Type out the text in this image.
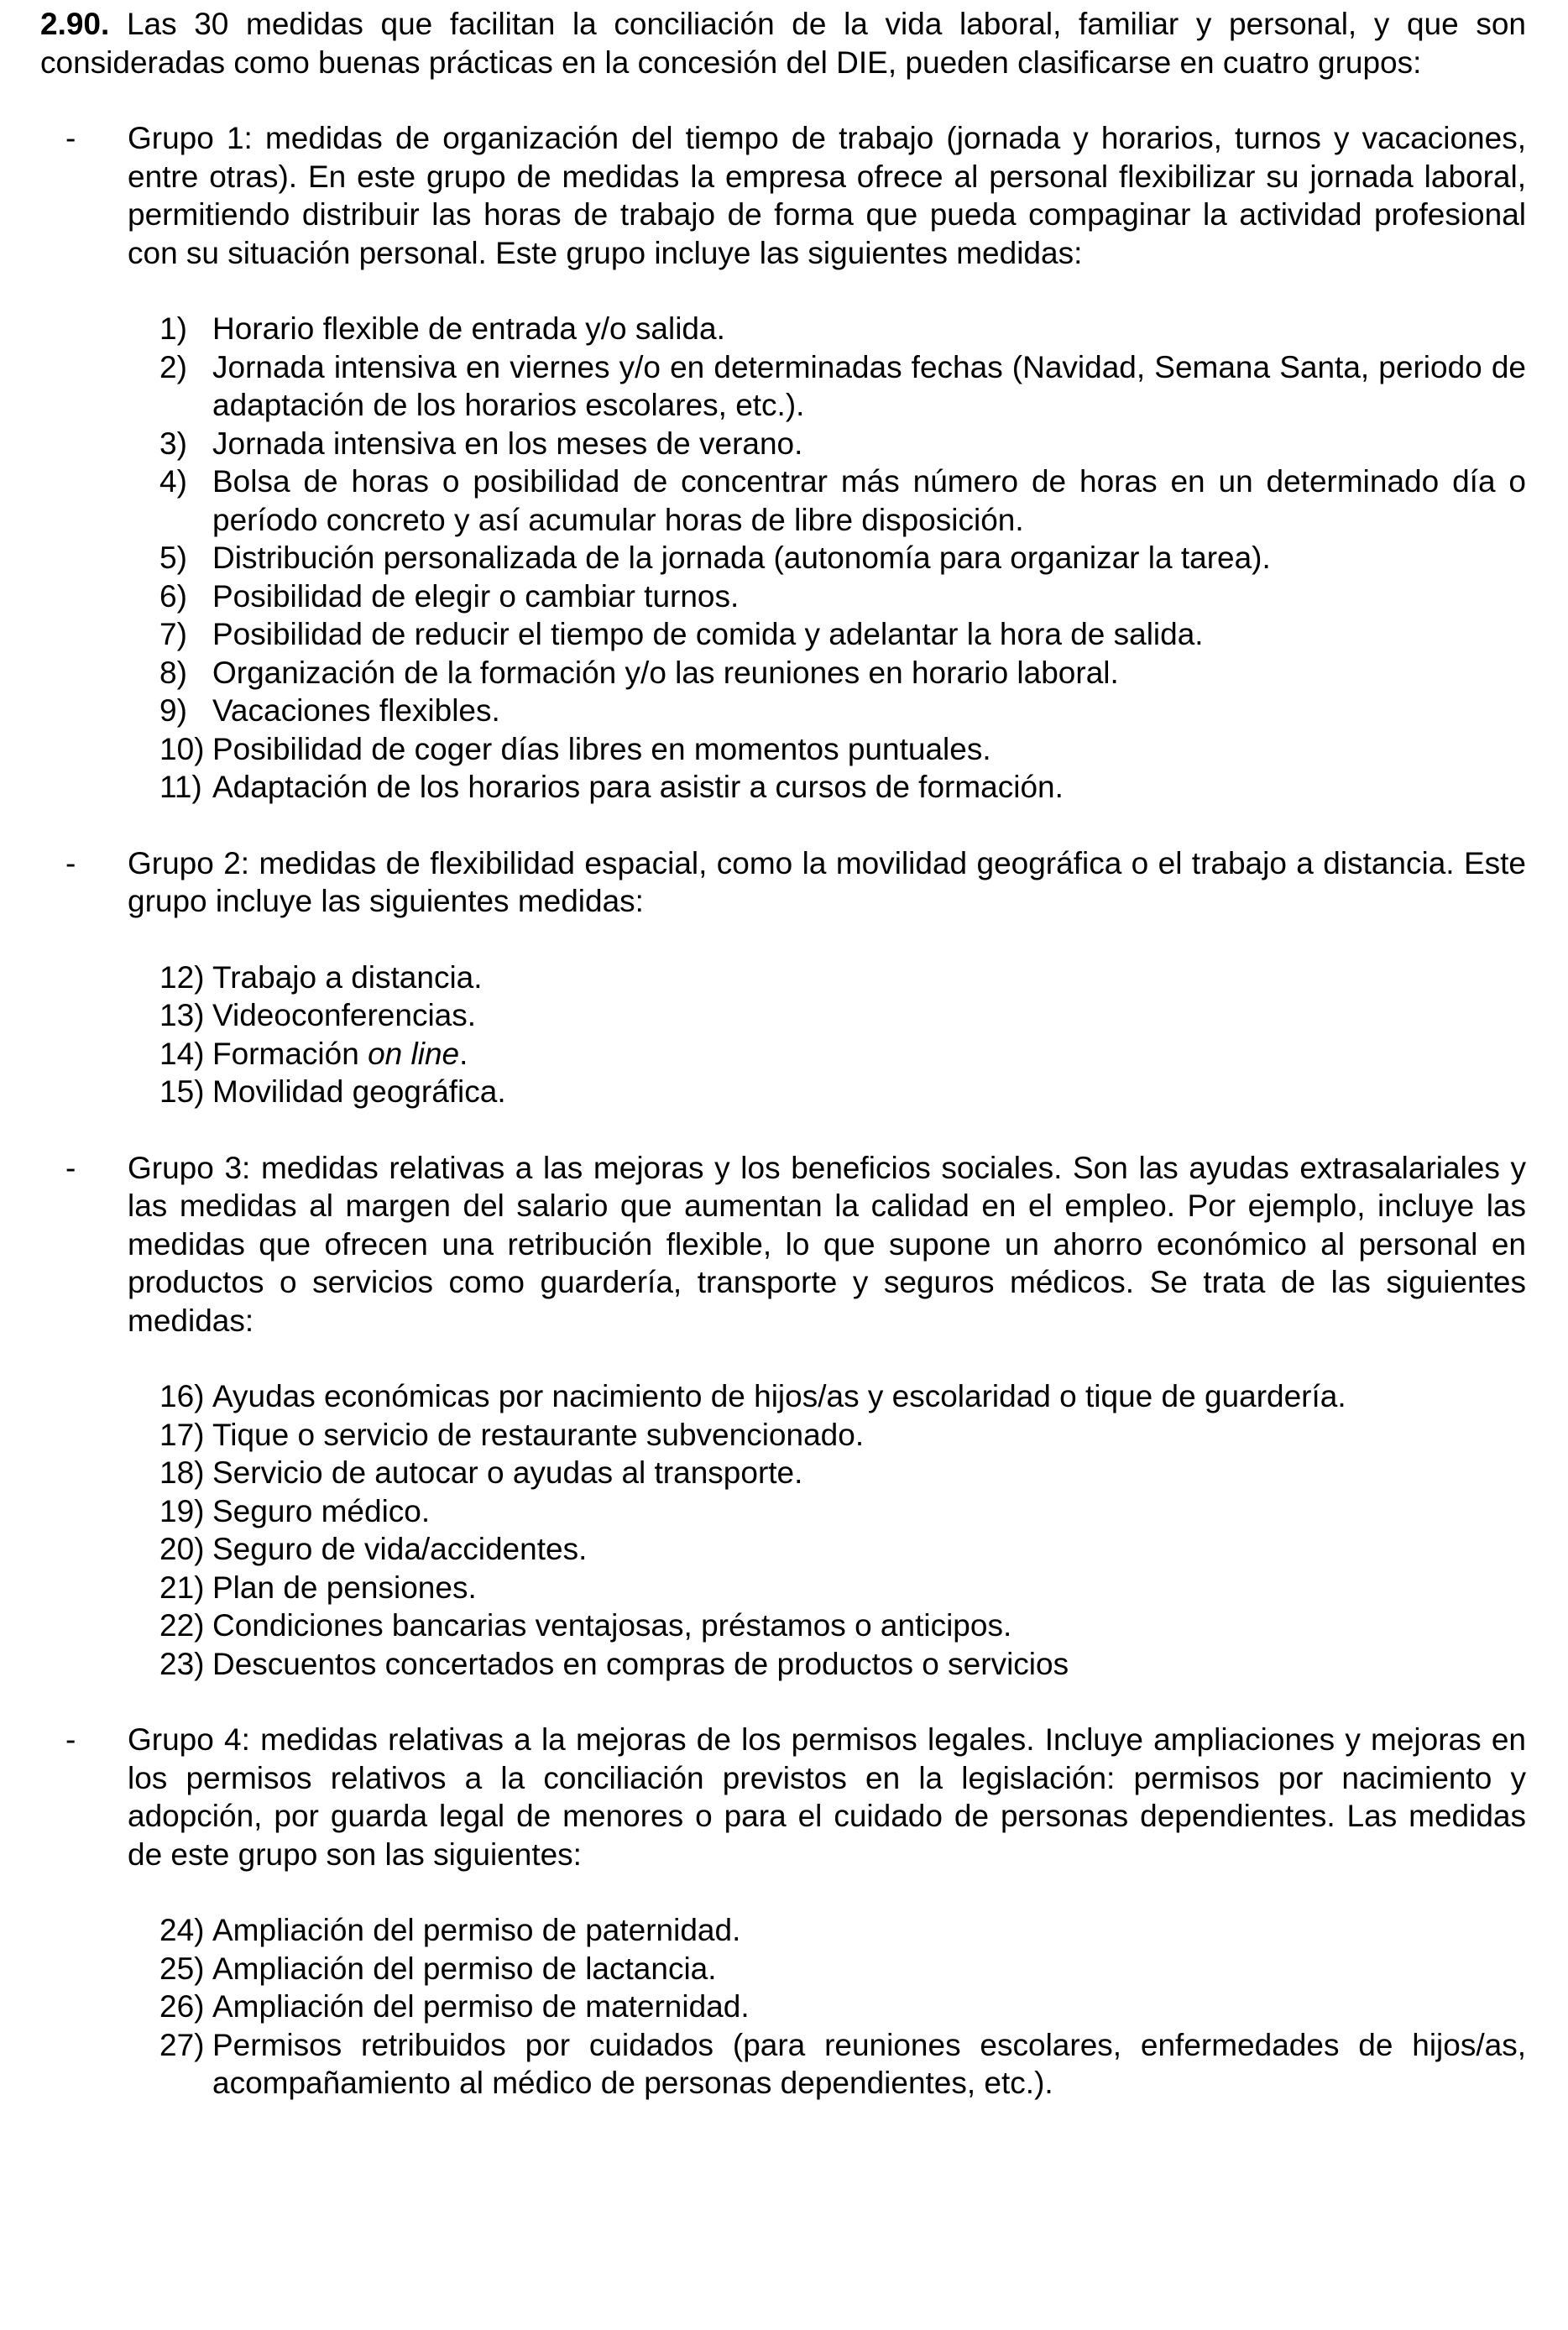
2.90. Las 30 medidas que facilitan la conciliación de la vida laboral, familiar y personal, y que son consideradas como buenas prácticas en la concesión del DIE, pueden clasificarse en cuatro grupos:

- Grupo 1: medidas de organización del tiempo de trabajo (jornada y horarios, turnos y vacaciones, entre otras). En este grupo de medidas la empresa ofrece al personal flexibilizar su jornada laboral, permitiendo distribuir las horas de trabajo de forma que pueda compaginar la actividad profesional con su situación personal. Este grupo incluye las siguientes medidas:

1) Horario flexible de entrada y/o salida.
2) Jornada intensiva en viernes y/o en determinadas fechas (Navidad, Semana Santa, periodo de adaptación de los horarios escolares, etc.).
3) Jornada intensiva en los meses de verano.
4) Bolsa de horas o posibilidad de concentrar más número de horas en un determinado día o período concreto y así acumular horas de libre disposición.
5) Distribución personalizada de la jornada (autonomía para organizar la tarea).
6) Posibilidad de elegir o cambiar turnos.
7) Posibilidad de reducir el tiempo de comida y adelantar la hora de salida.
8) Organización de la formación y/o las reuniones en horario laboral.
9) Vacaciones flexibles.
10) Posibilidad de coger días libres en momentos puntuales.
11) Adaptación de los horarios para asistir a cursos de formación.
- Grupo 2: medidas de flexibilidad espacial, como la movilidad geográfica o el trabajo a distancia. Este grupo incluye las siguientes medidas:

12) Trabajo a distancia.
13) Videoconferencias.
14) Formación on line.
15) Movilidad geográfica.
- Grupo 3: medidas relativas a las mejoras y los beneficios sociales. Son las ayudas extrasalariales y las medidas al margen del salario que aumentan la calidad en el empleo. Por ejemplo, incluye las medidas que ofrecen una retribución flexible, lo que supone un ahorro económico al personal en productos o servicios como guardería, transporte y seguros médicos. Se trata de las siguientes medidas:

16) Ayudas económicas por nacimiento de hijos/as y escolaridad o tique de guardería.
17) Tique o servicio de restaurante subvencionado.
18) Servicio de autocar o ayudas al transporte.
19) Seguro médico.
20) Seguro de vida/accidentes.
21) Plan de pensiones.
22) Condiciones bancarias ventajosas, préstamos o anticipos.
23) Descuentos concertados en compras de productos o servicios
- Grupo 4: medidas relativas a la mejoras de los permisos legales. Incluye ampliaciones y mejoras en los permisos relativos a la conciliación previstos en la legislación: permisos por nacimiento y adopción, por guarda legal de menores o para el cuidado de personas dependientes. Las medidas de este grupo son las siguientes:

24) Ampliación del permiso de paternidad.
25) Ampliación del permiso de lactancia.
26) Ampliación del permiso de maternidad.
27) Permisos retribuidos por cuidados (para reuniones escolares, enfermedades de hijos/as, acompañamiento al médico de personas dependientes, etc.).
